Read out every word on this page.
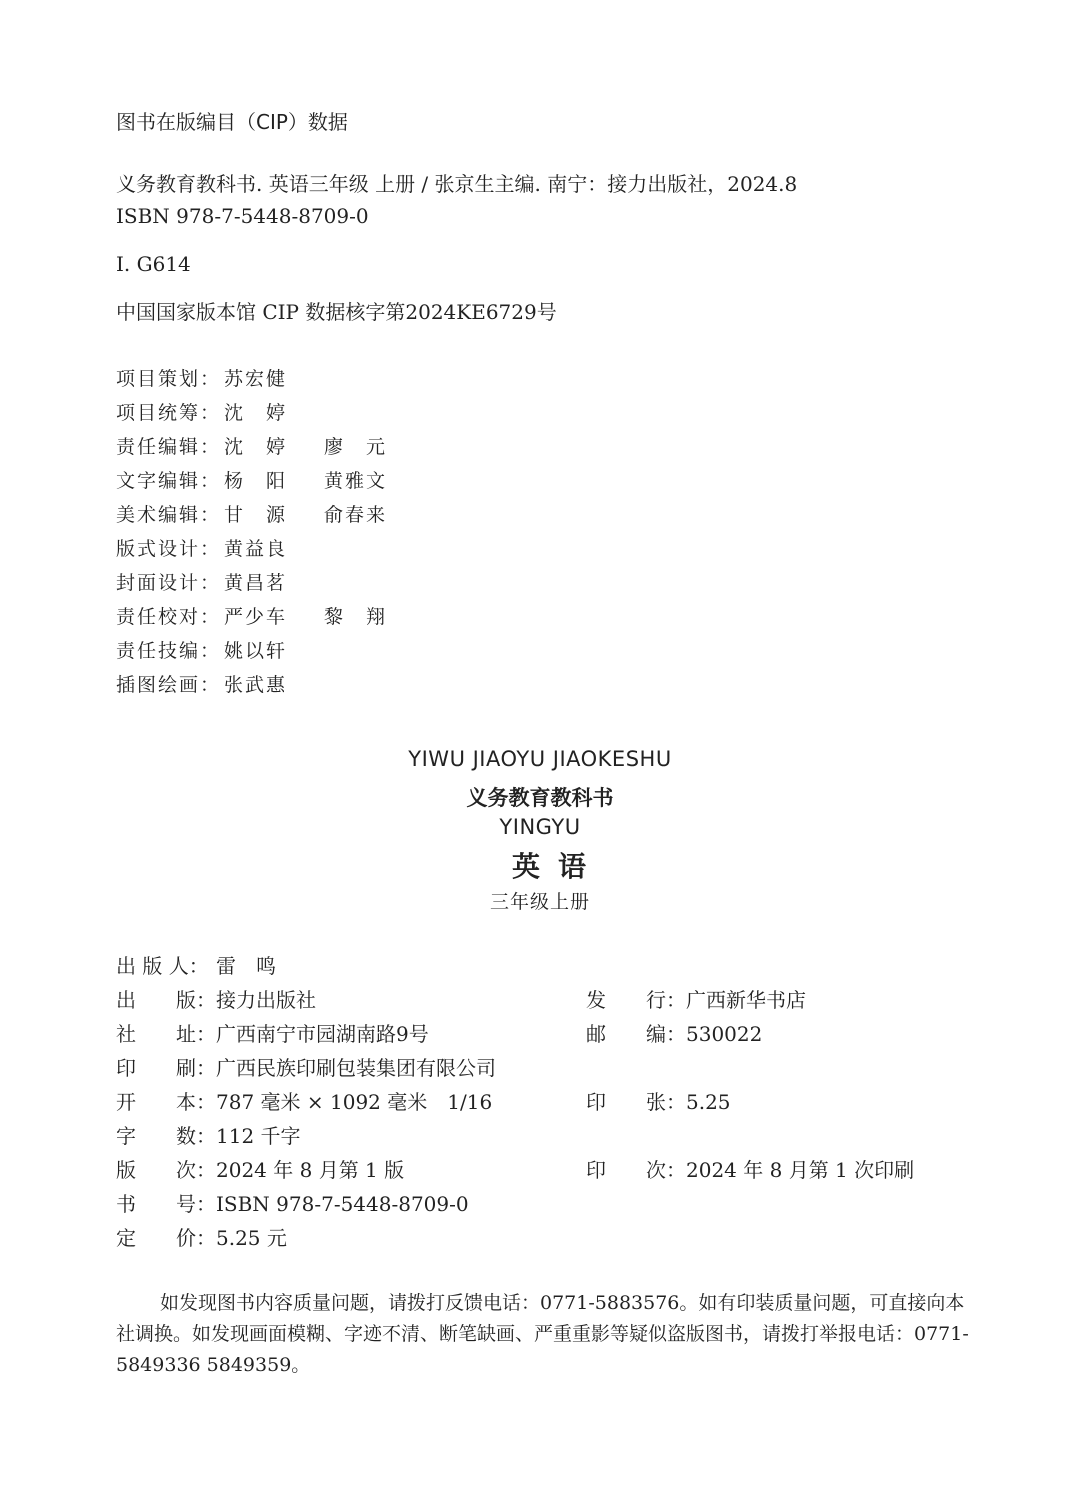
图书在版编目（CIP）数据
义务教育教科书. 英语三年级 上册 / 张京生主编. 南宁：接力出版社，2024.8
ISBN 978-7-5448-8709-0
I. G614
中国国家版本馆 CIP 数据核字第2024KE6729号
项目策划： 苏宏健
项目统筹： 沈　婷
责任编辑： 沈　婷 廖　元
文字编辑： 杨　阳 黄雅文
美术编辑： 甘　源 俞春来
版式设计： 黄益良
封面设计： 黄昌茗
责任校对： 严少车 黎　翔
责任技编： 姚以轩
插图绘画： 张武惠
YIWU JIAOYU JIAOKESHU
义务教育教科书
YINGYU
英语
三年级上册
出 版 人： 雷　鸣
出　　版：接力出版社
社　　址：广西南宁市园湖南路9号
印　　刷：广西民族印刷包装集团有限公司
开　　本：787 毫米 × 1092 毫米　1/16
字　　数：112 千字
版　　次：2024 年 8 月第 1 版
书　　号：ISBN 978-7-5448-8709-0
定　　价：5.25 元
发　　行：广西新华书店
邮　　编：530022
印　　张：5.25
印　　次：2024 年 8 月第 1 次印刷
如发现图书内容质量问题，请拨打反馈电话：0771-5883576。如有印装质量问题，可直接向本社调换。如发现画面模糊、字迹不清、断笔缺画、严重重影等疑似盗版图书，请拨打举报电话：0771-5849336 5849359。
